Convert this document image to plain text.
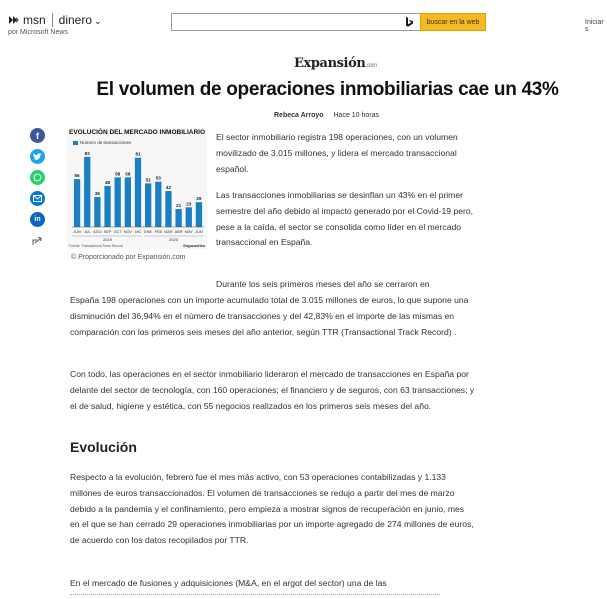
msn dinero ⌄
por Microsoft News
buscar en la web	Iniciar s
Expansión.com
El volumen de operaciones inmobiliarias cae un 43%
Rebeca Arroyo Hace 10 horas
f
in
EVOLUCIÓN DEL MERCADO INMOBILIARIO
Número de transacciones
56
JUN
82
JUL
35
AGO
48
SEP
58
OCT
58
NOV
81
DIC
51
ENE
53
FEB
42
MAR
21
ABR
23
MAY
29
JUN
2019	2020
Fuente: Transactional Track Record	Expansión
© Proporcionado por Expansión.com

El sector inmobiliario registra 198 operaciones, con un volumen movilizado de 3.015 millones, y lidera el mercado transaccional español.

Las transacciones inmobiliarias se desinflan un 43% en el primer semestre del año debido al impacto generado por el Covid-19 pero, pese a la caída, el sector se consolida como líder en el mercado transaccional en España.

Durante los seis primeros meses del año se cerraron en

España 198 operaciones con un importe acumulado total de 3.015 millones de euros, lo que supone una disminución del 36,94% en el número de transacciones y del 42,83% en el importe de las mismas en comparación con los primeros seis meses del año anterior, según TTR (Transactional Track Record) .

Con todo, las operaciones en el sector inmobiliario lideraron el mercado de transacciones en España por delante del sector de tecnología, con 160 operaciones; el financiero y de seguros, con 63 transacciones; y el de salud, higiene y estética, con 55 negocios realizados en los primeros seis meses del año.

Evolución

Respecto a la evolución, febrero fue el mes más activo, con 53 operaciones contabilizadas y 1.133 millones de euros transaccionados. El volumen de transacciones se redujo a partir del mes de marzo debido a la pandemia y el confinamiento, pero empieza a mostrar signos de recuperación en junio, mes en el que se han cerrado 29 operaciones inmobiliarias por un importe agregado de 274 millones de euros, de acuerdo con los datos recopilados por TTR.

En el mercado de fusiones y adquisiciones (M&A, en el argot del sector) una de las
